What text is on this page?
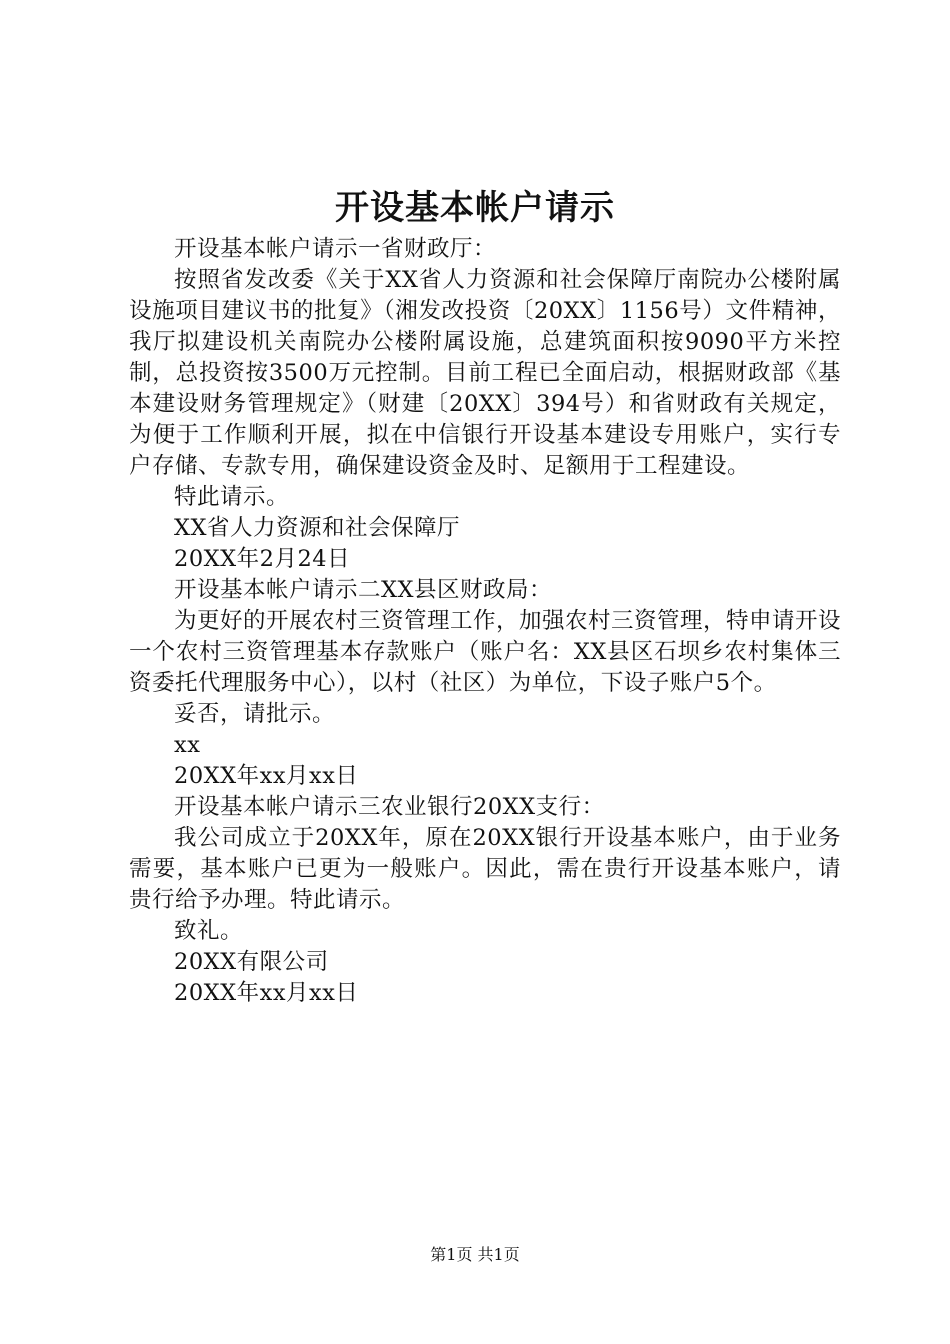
开设基本帐户请示

开设基本帐户请示一省财政厅：

按照省发改委《关于XX省人力资源和社会保障厅南院办公楼附属设施项目建议书的批复》（湘发改投资〔20XX〕1156号）文件精神，我厅拟建设机关南院办公楼附属设施，总建筑面积按9090平方米控制，总投资按3500万元控制。目前工程已全面启动，根据财政部《基本建设财务管理规定》（财建〔20XX〕394号）和省财政有关规定，为便于工作顺利开展，拟在中信银行开设基本建设专用账户，实行专户存储、专款专用，确保建设资金及时、足额用于工程建设。

特此请示。

XX省人力资源和社会保障厅

20XX年2月24日

开设基本帐户请示二XX县区财政局：

为更好的开展农村三资管理工作，加强农村三资管理，特申请开设一个农村三资管理基本存款账户（账户名：XX县区石坝乡农村集体三资委托代理服务中心），以村（社区）为单位，下设子账户5个。

妥否，请批示。

xx

20XX年xx月xx日

开设基本帐户请示三农业银行20XX支行：

我公司成立于20XX年，原在20XX银行开设基本账户，由于业务需要，基本账户已更为一般账户。因此，需在贵行开设基本账户，请贵行给予办理。特此请示。

致礼。

20XX有限公司

20XX年xx月xx日

第1页 共1页
